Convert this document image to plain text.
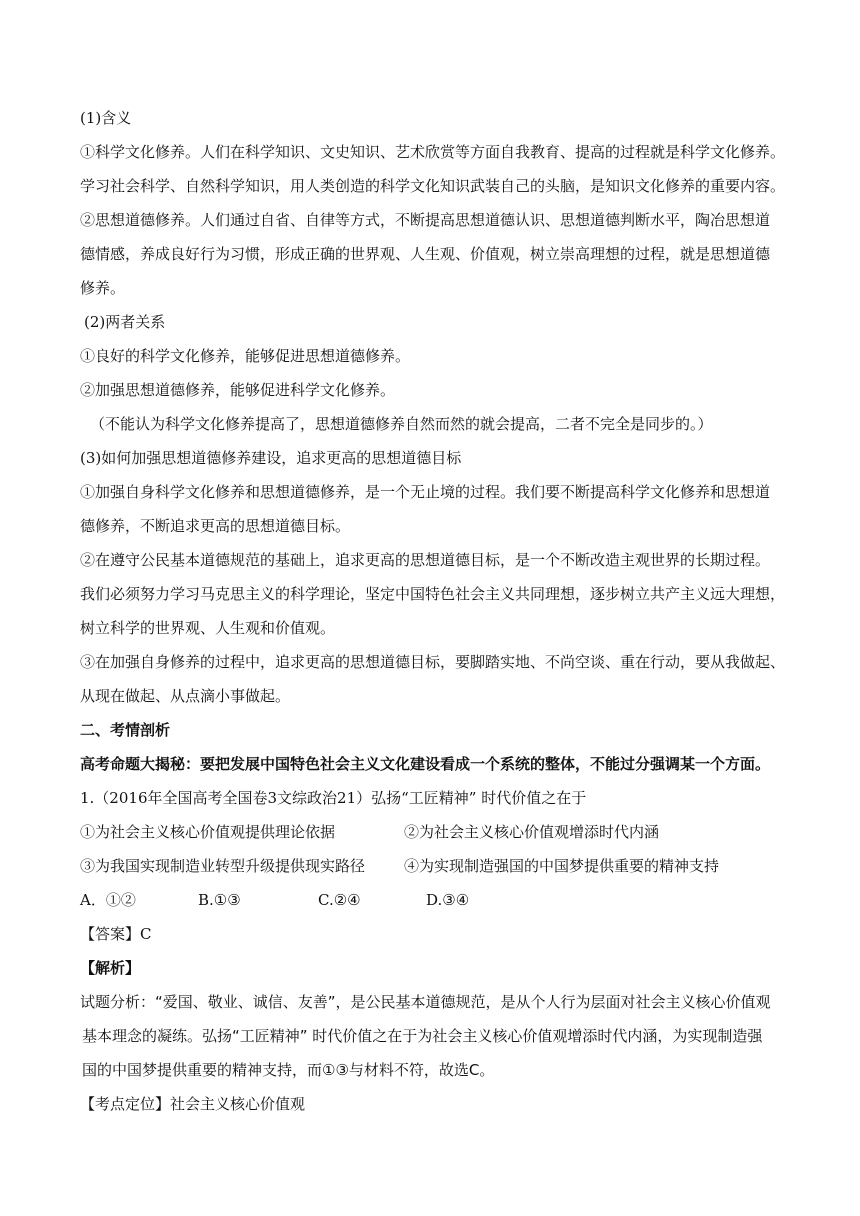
(1)含义
①科学文化修养。人们在科学知识、文史知识、艺术欣赏等方面自我教育、提高的过程就是科学文化修养。
学习社会科学、自然科学知识，用人类创造的科学文化知识武装自己的头脑，是知识文化修养的重要内容。
②思想道德修养。人们通过自省、自律等方式，不断提高思想道德认识、思想道德判断水平，陶冶思想道
德情感，养成良好行为习惯，形成正确的世界观、人生观、价值观，树立崇高理想的过程，就是思想道德
修养。
(2)两者关系
①良好的科学文化修养，能够促进思想道德修养。
②加强思想道德修养，能够促进科学文化修养。
（不能认为科学文化修养提高了，思想道德修养自然而然的就会提高，二者不完全是同步的。）
(3)如何加强思想道德修养建设，追求更高的思想道德目标
①加强自身科学文化修养和思想道德修养，是一个无止境的过程。我们要不断提高科学文化修养和思想道
德修养，不断追求更高的思想道德目标。
②在遵守公民基本道德规范的基础上，追求更高的思想道德目标，是一个不断改造主观世界的长期过程。
我们必须努力学习马克思主义的科学理论，坚定中国特色社会主义共同理想，逐步树立共产主义远大理想，
树立科学的世界观、人生观和价值观。
③在加强自身修养的过程中，追求更高的思想道德目标，要脚踏实地、不尚空谈、重在行动，要从我做起、
从现在做起、从点滴小事做起。
二、考情剖析
高考命题大揭秘：要把发展中国特色社会主义文化建设看成一个系统的整体，不能过分强调某一个方面。
1.（2016年全国高考全国卷3文综政治21）弘扬“工匠精神” 时代价值之在于
①为社会主义核心价值观提供理论依据	②为社会主义核心价值观增添时代内涵
③为我国实现制造业转型升级提供现实路径	④为实现制造强国的中国梦提供重要的精神支持
A．①②	B.①③	C.②④	D.③④
【答案】C
【解析】
试题分析：“爱国、敬业、诚信、友善”，是公民基本道德规范，是从个人行为层面对社会主义核心价值观
基本理念的凝练。弘扬“工匠精神” 时代价值之在于为社会主义核心价值观增添时代内涵，为实现制造强
国的中国梦提供重要的精神支持，而①③与材料不符，故选C。
【考点定位】社会主义核心价值观
